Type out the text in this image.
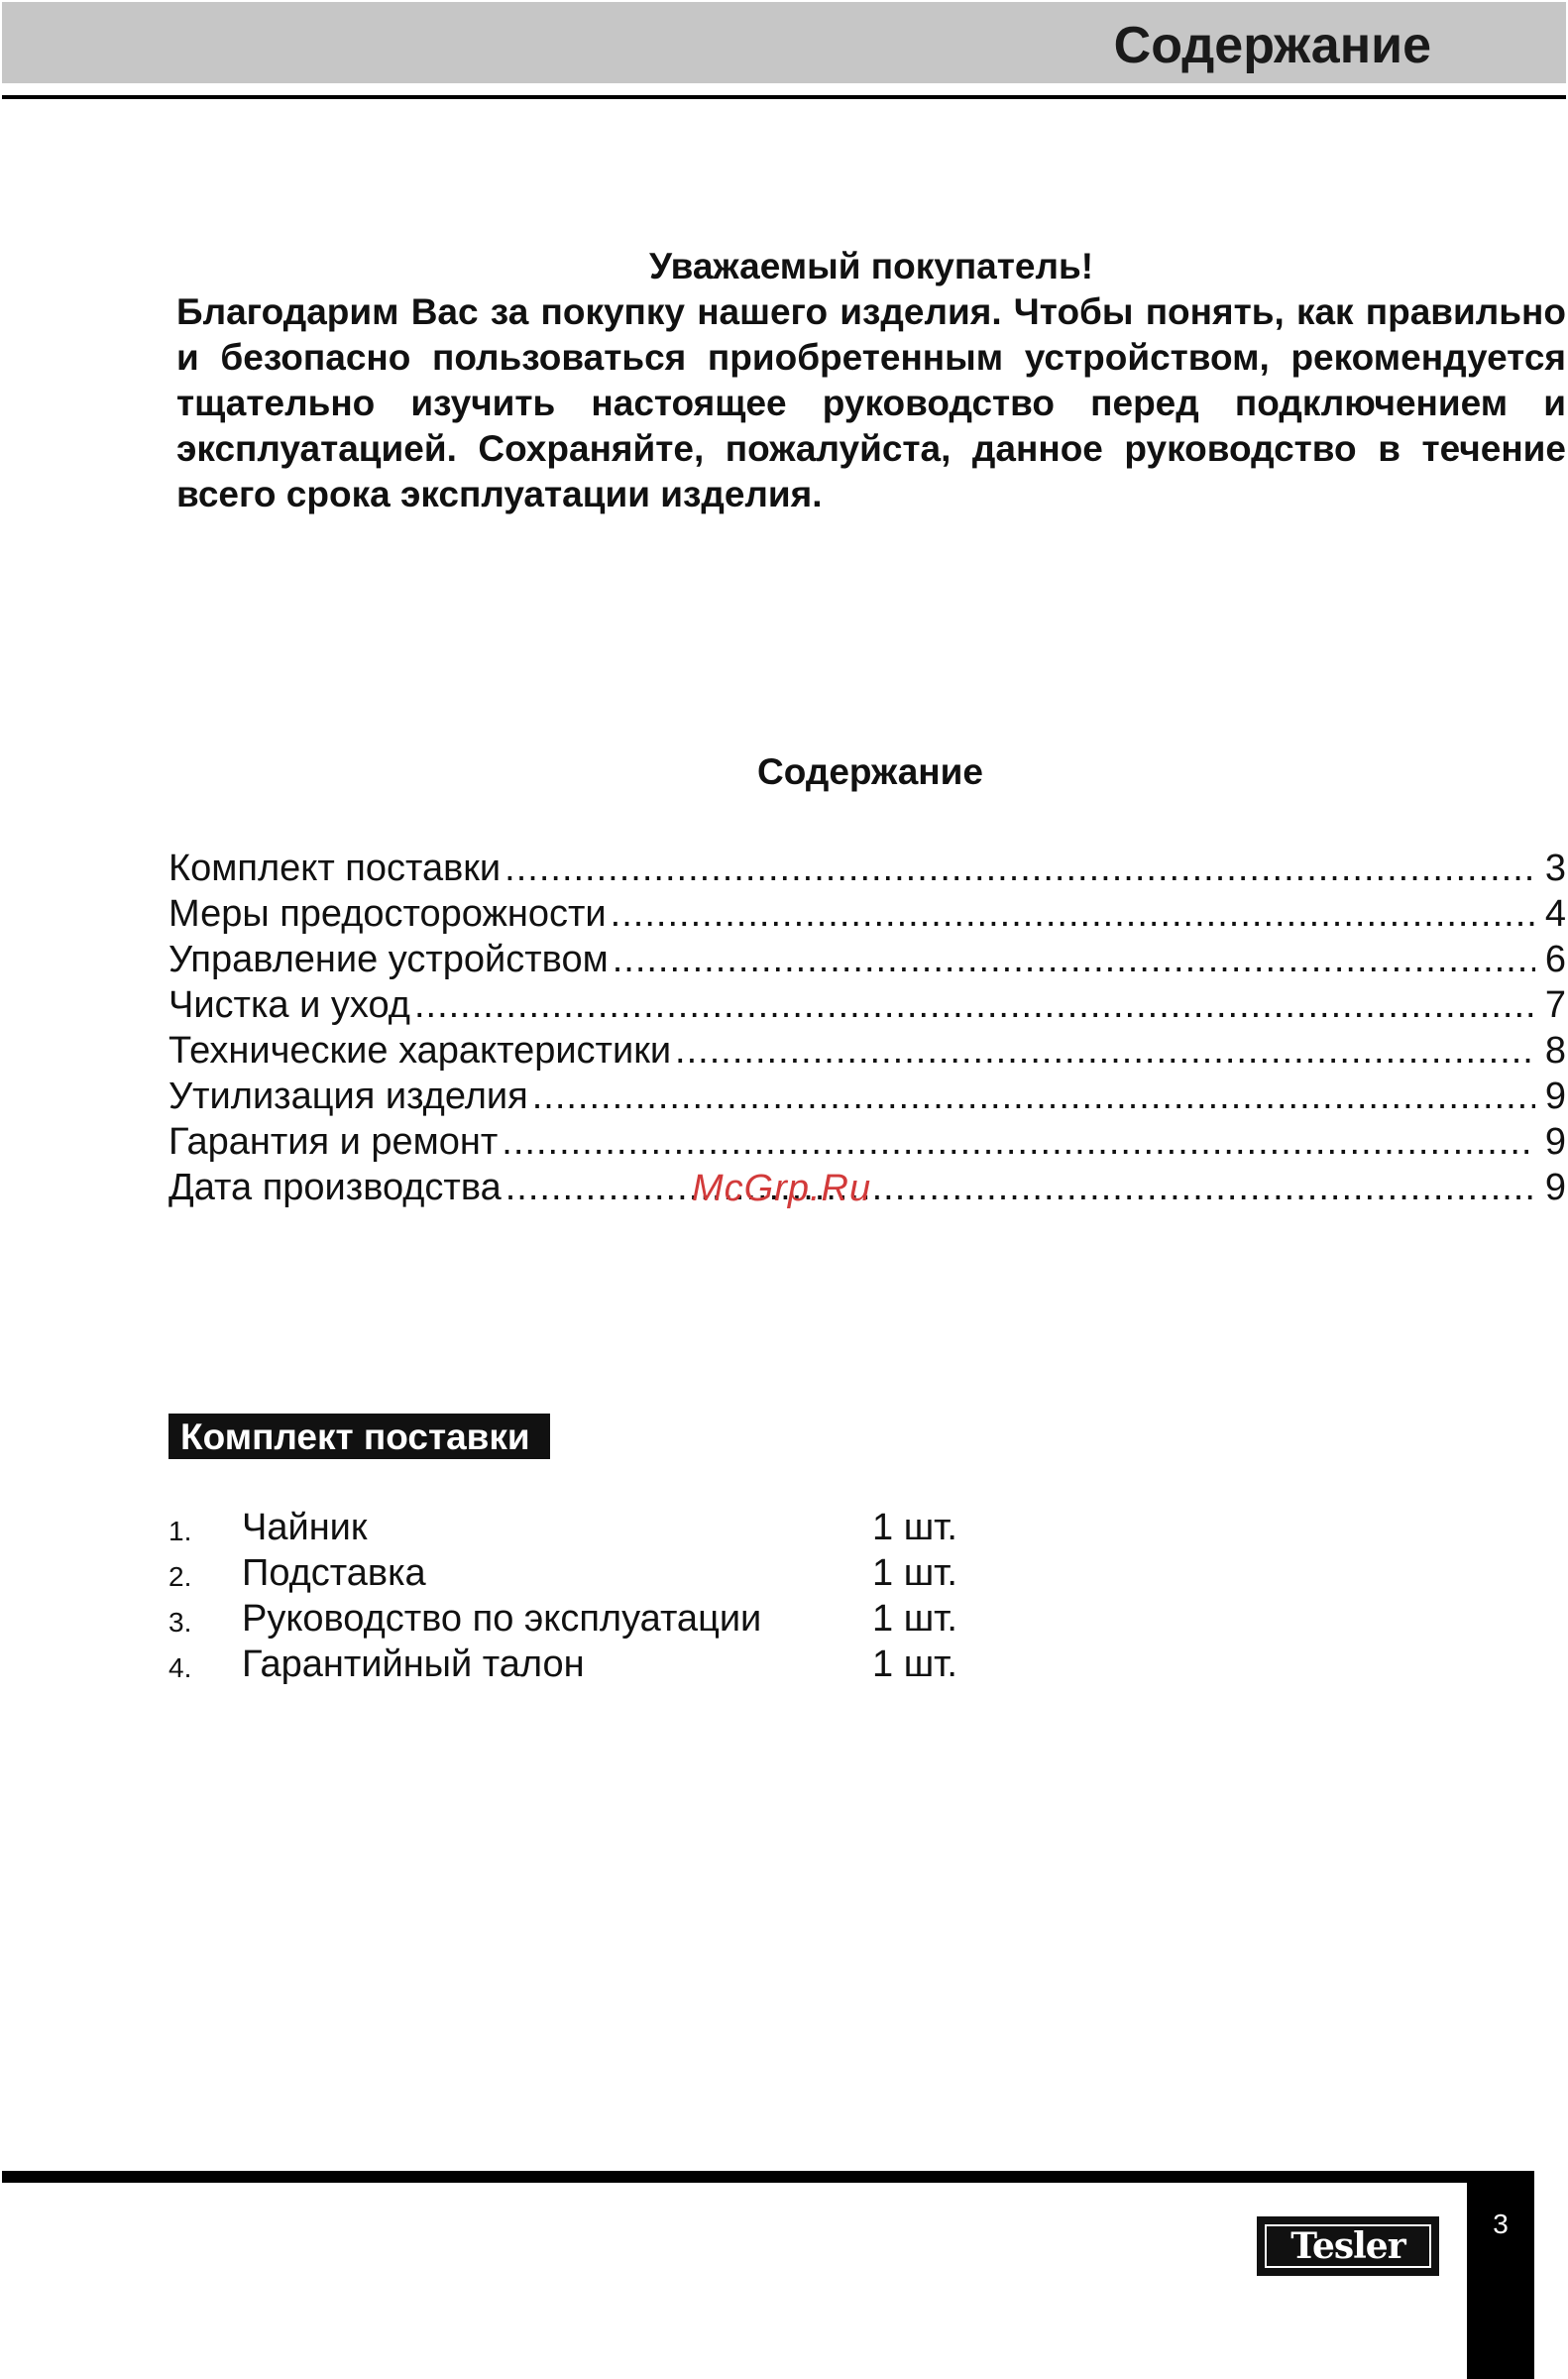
Содержание
Уважаемый покупатель!
Благодарим Вас за покупку нашего изделия. Чтобы понять, как правильно и безопасно пользоваться приобретенным устройством, рекомендуется тщательно изучить настоящее руководство перед подключением и эксплуатацией. Сохраняйте, пожалуйста, данное руководство в течение всего срока эксплуатации изделия.
Содержание
Комплект поставки .....	3
Меры предосторожности .....	4
Управление устройством .....	6
Чистка и уход .....	7
Технические характеристики .....	8
Утилизация изделия .....	9
Гарантия и ремонт .....	9
Дата производства .....	9
McGrp.Ru
Комплект поставки
1. Чайник	1 шт.
2. Подставка	1 шт.
3. Руководство по эксплуатации	1 шт.
4. Гарантийный талон	1 шт.
3
Tesler
